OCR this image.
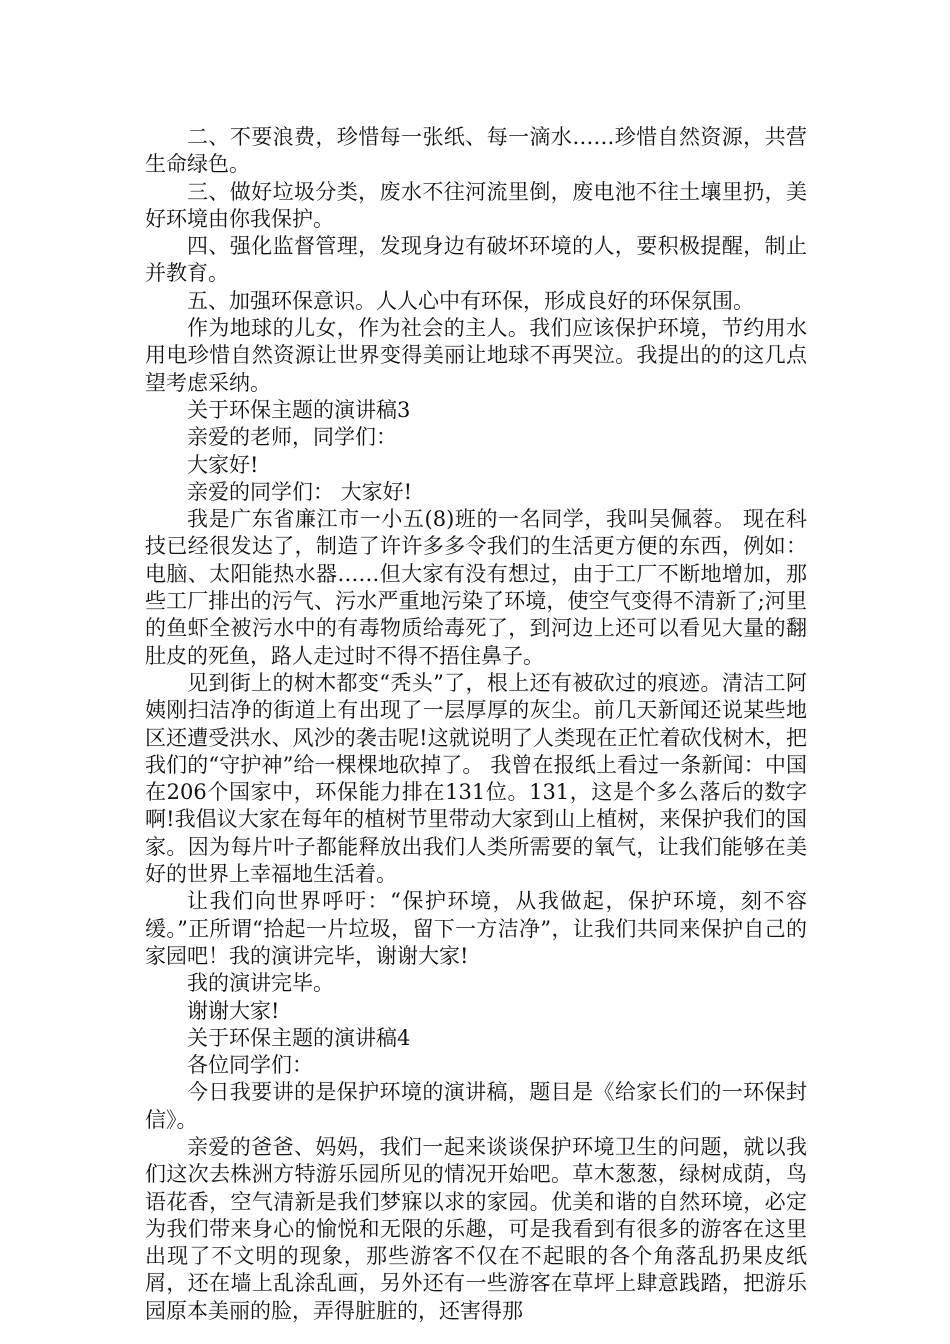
二、不要浪费，珍惜每一张纸、每一滴水……珍惜自然资源，共营生命绿色。

三、做好垃圾分类，废水不往河流里倒，废电池不往土壤里扔，美好环境由你我保护。

四、强化监督管理，发现身边有破坏环境的人，要积极提醒，制止并教育。

五、加强环保意识。人人心中有环保，形成良好的环保氛围。

作为地球的儿女，作为社会的主人。我们应该保护环境，节约用水用电珍惜自然资源让世界变得美丽让地球不再哭泣。我提出的的这几点望考虑采纳。

关于环保主题的演讲稿3

亲爱的老师，同学们：

大家好!

亲爱的同学们： 大家好!

我是广东省廉江市一小五(8)班的一名同学，我叫吴佩蓉。 现在科技已经很发达了，制造了许许多多令我们的生活更方便的东西，例如：电脑、太阳能热水器……但大家有没有想过，由于工厂不断地增加，那些工厂排出的污气、污水严重地污染了环境，使空气变得不清新了;河里的鱼虾全被污水中的有毒物质给毒死了，到河边上还可以看见大量的翻肚皮的死鱼，路人走过时不得不捂住鼻子。

见到街上的树木都变“秃头”了，根上还有被砍过的痕迹。清洁工阿姨刚扫洁净的街道上有出现了一层厚厚的灰尘。前几天新闻还说某些地区还遭受洪水、风沙的袭击呢!这就说明了人类现在正忙着砍伐树木，把我们的“守护神”给一棵棵地砍掉了。 我曾在报纸上看过一条新闻：中国在206个国家中，环保能力排在131位。131，这是个多么落后的数字啊!我倡议大家在每年的植树节里带动大家到山上植树，来保护我们的国家。因为每片叶子都能释放出我们人类所需要的氧气，让我们能够在美好的世界上幸福地生活着。

让我们向世界呼吁：“保护环境，从我做起，保护环境，刻不容缓。”正所谓“拾起一片垃圾，留下一方洁净”，让我们共同来保护自己的家园吧！我的演讲完毕，谢谢大家!

我的演讲完毕。

谢谢大家!

关于环保主题的演讲稿4

各位同学们：

今日我要讲的是保护环境的演讲稿，题目是《给家长们的一环保封信》。

亲爱的爸爸、妈妈，我们一起来谈谈保护环境卫生的问题，就以我们这次去株洲方特游乐园所见的情况开始吧。草木葱葱，绿树成荫，鸟语花香，空气清新是我们梦寐以求的家园。优美和谐的自然环境，必定为我们带来身心的愉悦和无限的乐趣，可是我看到有很多的游客在这里出现了不文明的现象，那些游客不仅在不起眼的各个角落乱扔果皮纸屑，还在墙上乱涂乱画，另外还有一些游客在草坪上肆意践踏，把游乐园原本美丽的脸，弄得脏脏的，还害得那
